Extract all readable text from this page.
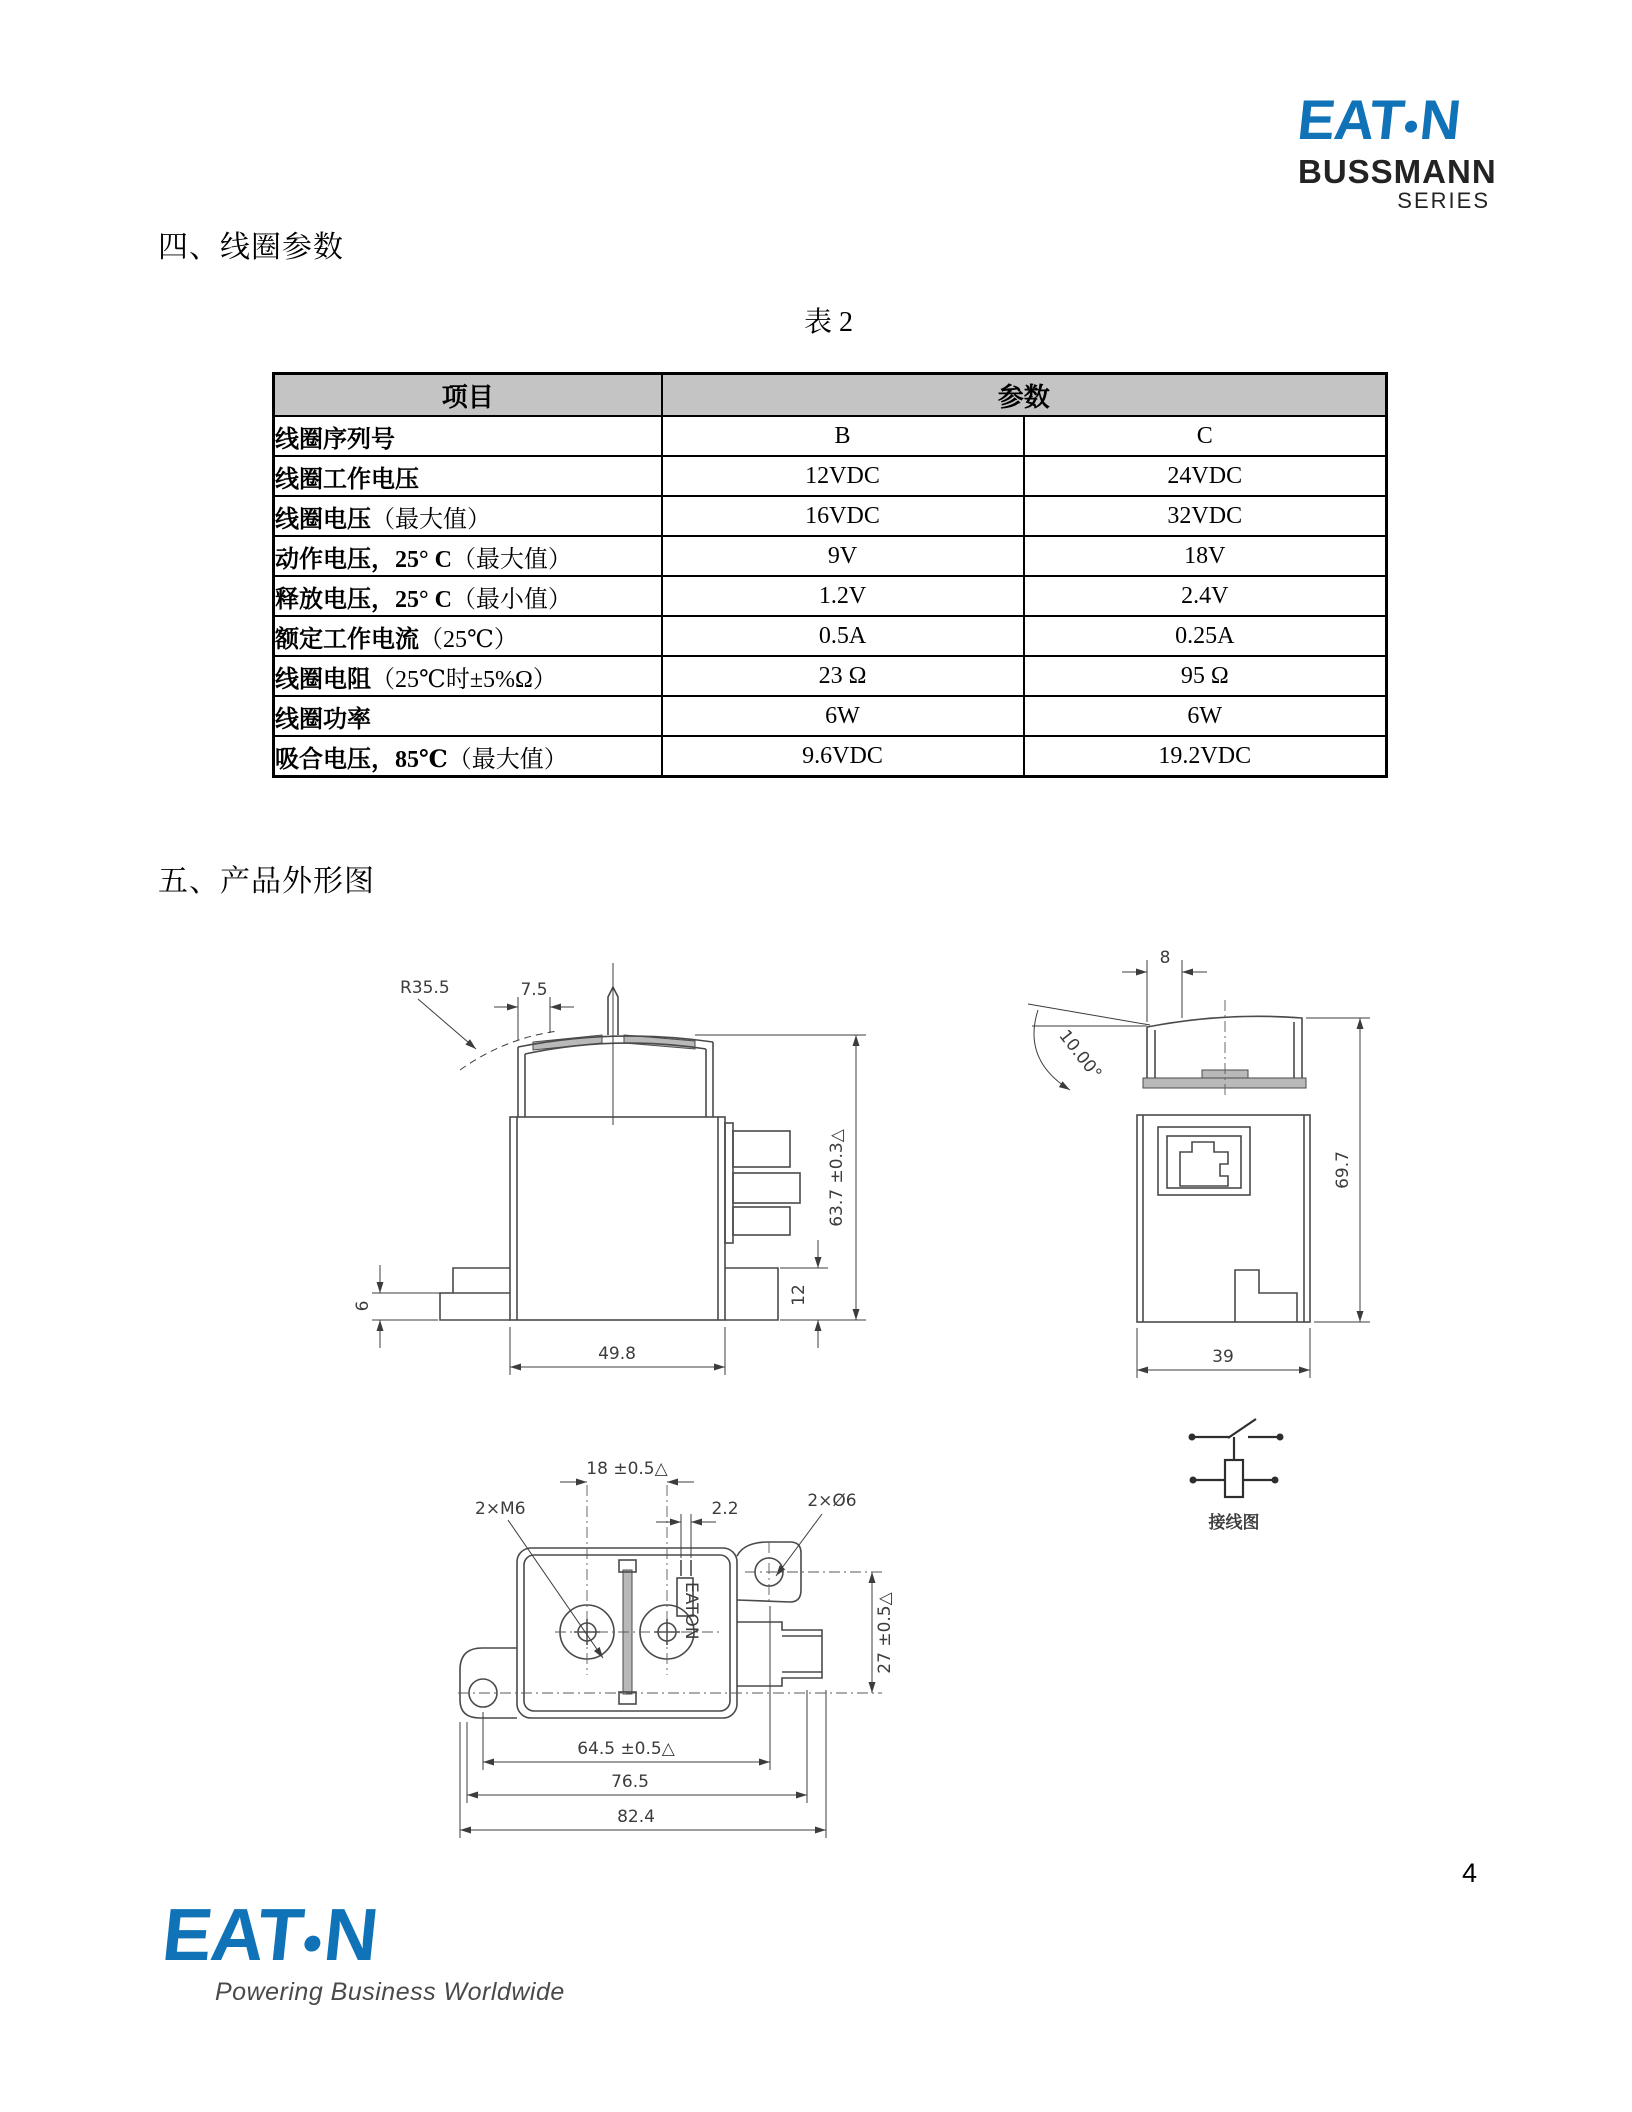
EAT●N
BUSSMANN
SERIES
四、线圈参数
表 2
项目	参数	
线圈序列号	B	C
线圈工作电压	12VDC	24VDC
线圈电压（最大值）	16VDC	32VDC
动作电压，25° C（最大值）	9V	18V
释放电压，25° C（最小值）	1.2V	2.4V
额定工作电流（25℃）	0.5A	0.25A
线圈电阻（25℃时±5%Ω）	23 Ω	95 Ω
线圈功率	6W	6W
吸合电压，85℃（最大值）	9.6VDC	19.2VDC
五、产品外形图
R35.5	7.5
63.7 ±0.3△
6
12
49.8
8
10.00°
69.7
39
接线图
EATON
18 ±0.5△
2.2
2×M6	2×Ø6
27 ±0.5△
64.5 ±0.5△
76.5
82.4
4
EAT●N
Powering Business Worldwide
